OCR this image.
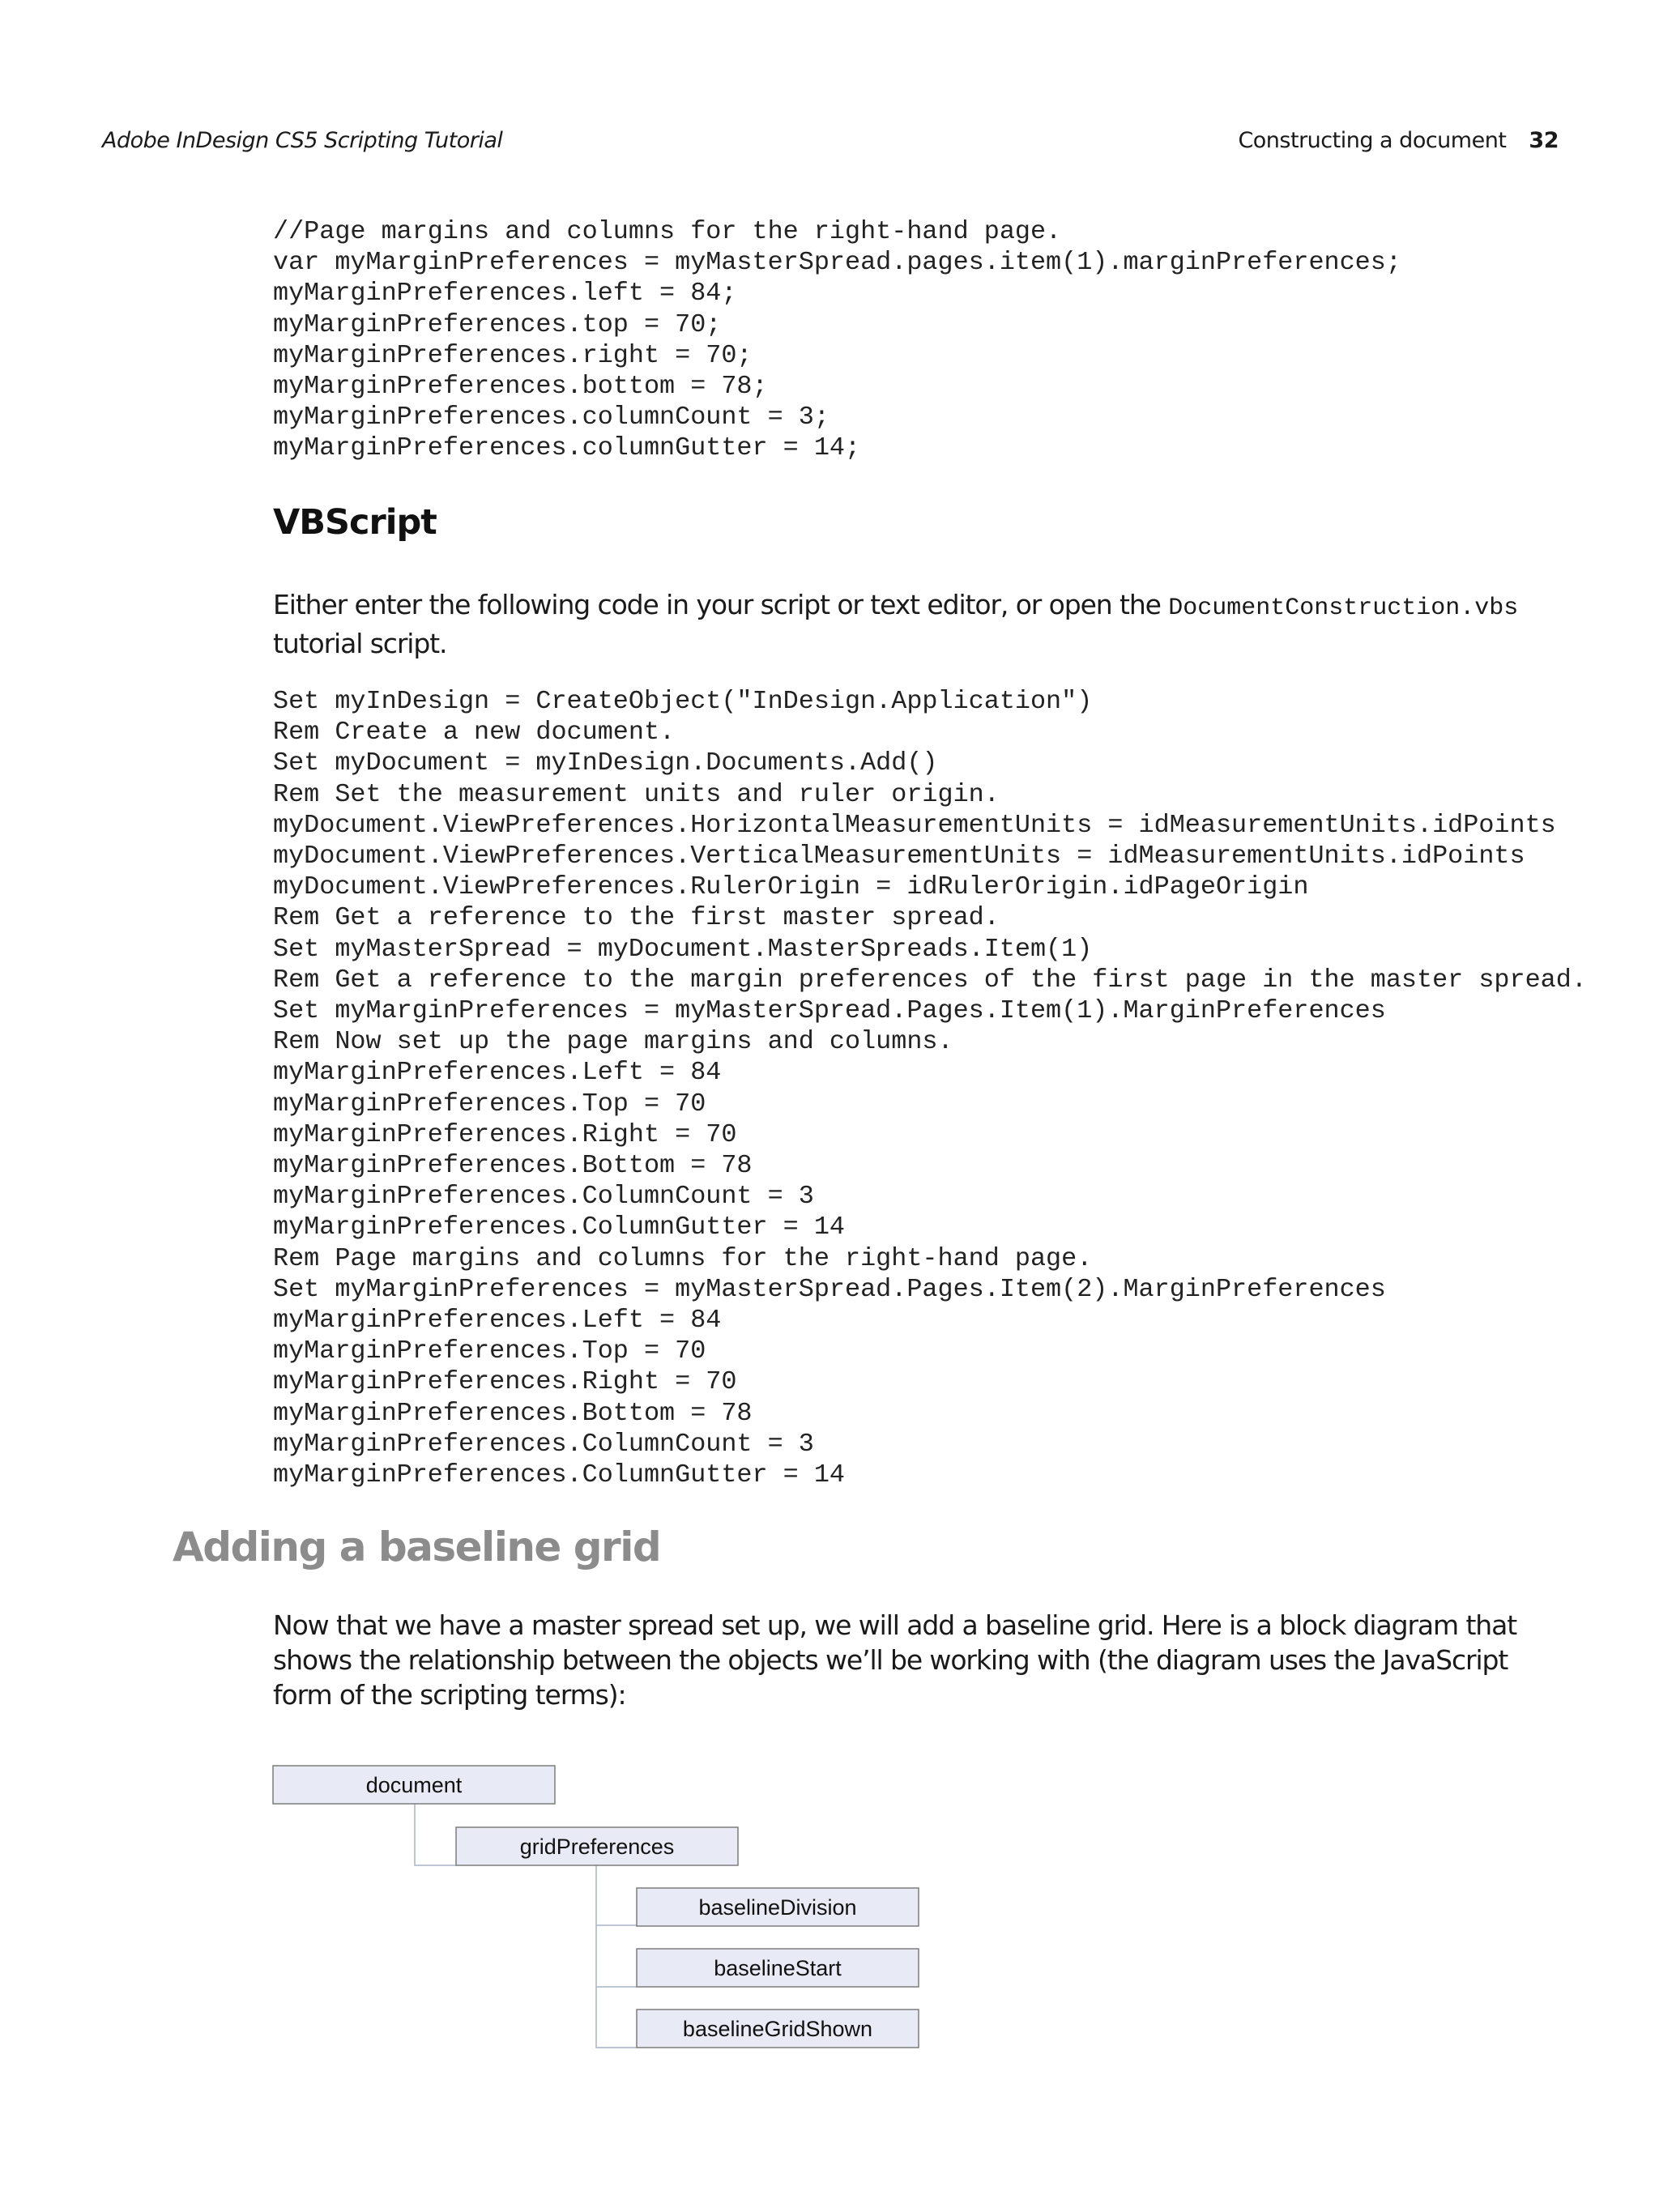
Adobe InDesign CS5 Scripting Tutorial	Constructing a document 32
//Page margins and columns for the right-hand page.
var myMarginPreferences = myMasterSpread.pages.item(1).marginPreferences;
myMarginPreferences.left = 84;
myMarginPreferences.top = 70;
myMarginPreferences.right = 70;
myMarginPreferences.bottom = 78;
myMarginPreferences.columnCount = 3;
myMarginPreferences.columnGutter = 14;
VBScript
Either enter the following code in your script or text editor, or open the DocumentConstruction.vbs
tutorial script.
Set myInDesign = CreateObject("InDesign.Application")
Rem Create a new document.
Set myDocument = myInDesign.Documents.Add()
Rem Set the measurement units and ruler origin.
myDocument.ViewPreferences.HorizontalMeasurementUnits = idMeasurementUnits.idPoints
myDocument.ViewPreferences.VerticalMeasurementUnits = idMeasurementUnits.idPoints
myDocument.ViewPreferences.RulerOrigin = idRulerOrigin.idPageOrigin
Rem Get a reference to the first master spread.
Set myMasterSpread = myDocument.MasterSpreads.Item(1)
Rem Get a reference to the margin preferences of the first page in the master spread.
Set myMarginPreferences = myMasterSpread.Pages.Item(1).MarginPreferences
Rem Now set up the page margins and columns.
myMarginPreferences.Left = 84
myMarginPreferences.Top = 70
myMarginPreferences.Right = 70
myMarginPreferences.Bottom = 78
myMarginPreferences.ColumnCount = 3
myMarginPreferences.ColumnGutter = 14
Rem Page margins and columns for the right-hand page.
Set myMarginPreferences = myMasterSpread.Pages.Item(2).MarginPreferences
myMarginPreferences.Left = 84
myMarginPreferences.Top = 70
myMarginPreferences.Right = 70
myMarginPreferences.Bottom = 78
myMarginPreferences.ColumnCount = 3
myMarginPreferences.ColumnGutter = 14
Adding a baseline grid
Now that we have a master spread set up, we will add a baseline grid. Here is a block diagram that shows the relationship between the objects we’ll be working with (the diagram uses the JavaScript form of the scripting terms):
document
gridPreferences
baselineDivision
baselineStart
baselineGridShown
